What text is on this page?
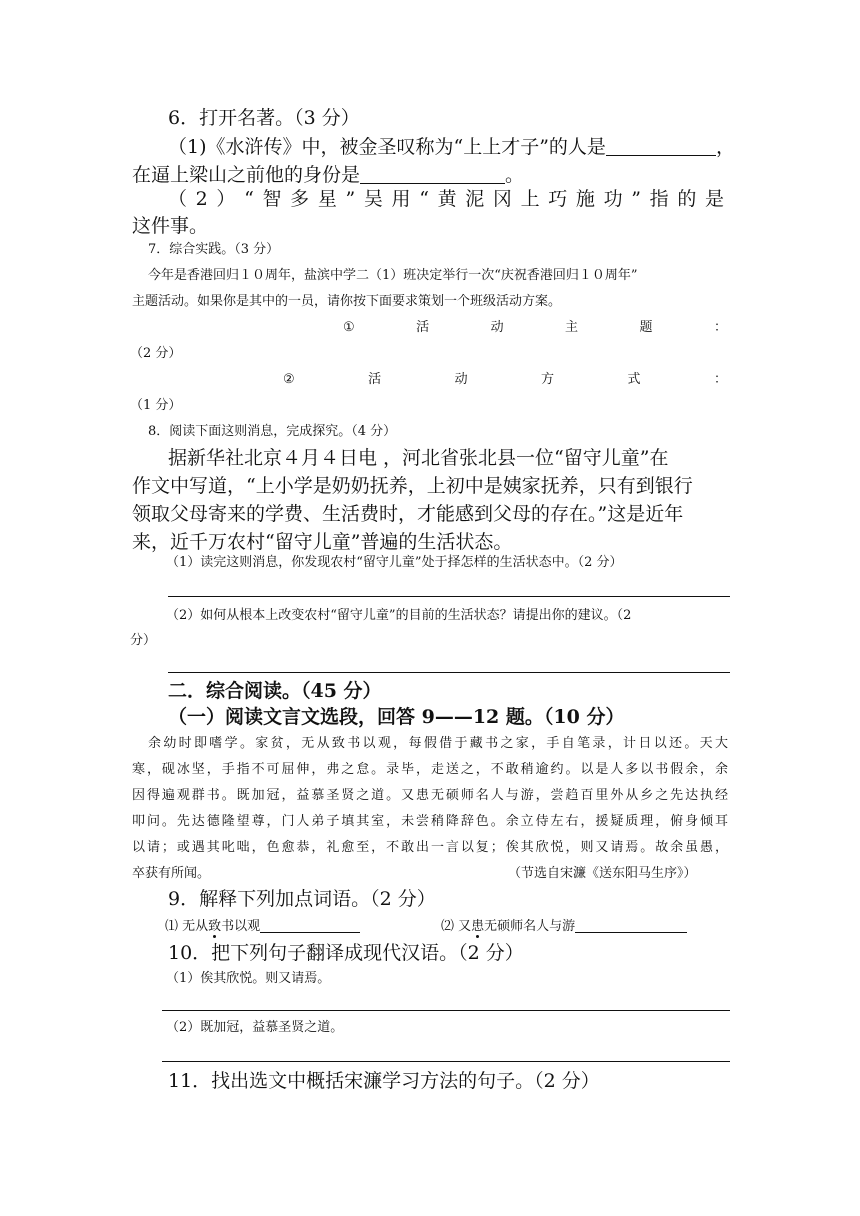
6．打开名著。（3 分）
（1)《水浒传》中，被金圣叹称为“上上才子”的人是	，
在逼上梁山之前他的身份是	。
（2）“智多星”吴用“黄泥冈上巧施功”指的是
这件事。
7．综合实践。（3 分）
今年是香港回归１０周年，盐滨中学二（1）班决定举行一次“庆祝香港回归１０周年”
主题活动。如果你是其中的一员，请你按下面要求策划一个班级活动方案。
①	活	动	主	题	：
（2 分）
②	活	动	方	式	：
（1 分）
8．阅读下面这则消息，完成探究。（4 分）
据新华社北京４月４日电 ，河北省张北县一位“留守儿童”在
作文中写道，“上小学是奶奶抚养，上初中是姨家抚养，只有到银行
领取父母寄来的学费、生活费时，才能感到父母的存在。”这是近年
来，近千万农村“留守儿童”普遍的生活状态。
（1）读完这则消息，你发现农村“留守儿童”处于择怎样的生活状态中。（2 分）
（2）如何从根本上改变农村“留守儿童”的目前的生活状态？请提出你的建议。（2
分）
二．综合阅读。（45 分）
（一）阅读文言文选段，回答 9——12 题。（10 分）
余幼时即嗜学。家贫，无从致书以观，每假借于藏书之家，手自笔录，计日以还。天大
寒，砚冰坚，手指不可屈伸，弗之怠。录毕，走送之，不敢稍逾约。以是人多以书假余，余
因得遍观群书。既加冠，益慕圣贤之道。又患无硕师名人与游，尝趋百里外从乡之先达执经
叩问。先达德隆望尊，门人弟子填其室，未尝稍降辞色。余立侍左右，援疑质理，俯身倾耳
以请；或遇其叱咄，色愈恭，礼愈至，不敢出一言以复；俟其欣悦，则又请焉。故余虽愚，
卒获有所闻。	（节选自宋濂《送东阳马生序》）
9．解释下列加点词语。（2 分）
⑴ 无从致书以观	⑵ 又患无硕师名人与游
10．把下列句子翻译成现代汉语。（2 分）
（1）俟其欣悦。则又请焉。
（2）既加冠，益慕圣贤之道。
11．找出选文中概括宋濂学习方法的句子。（2 分）
